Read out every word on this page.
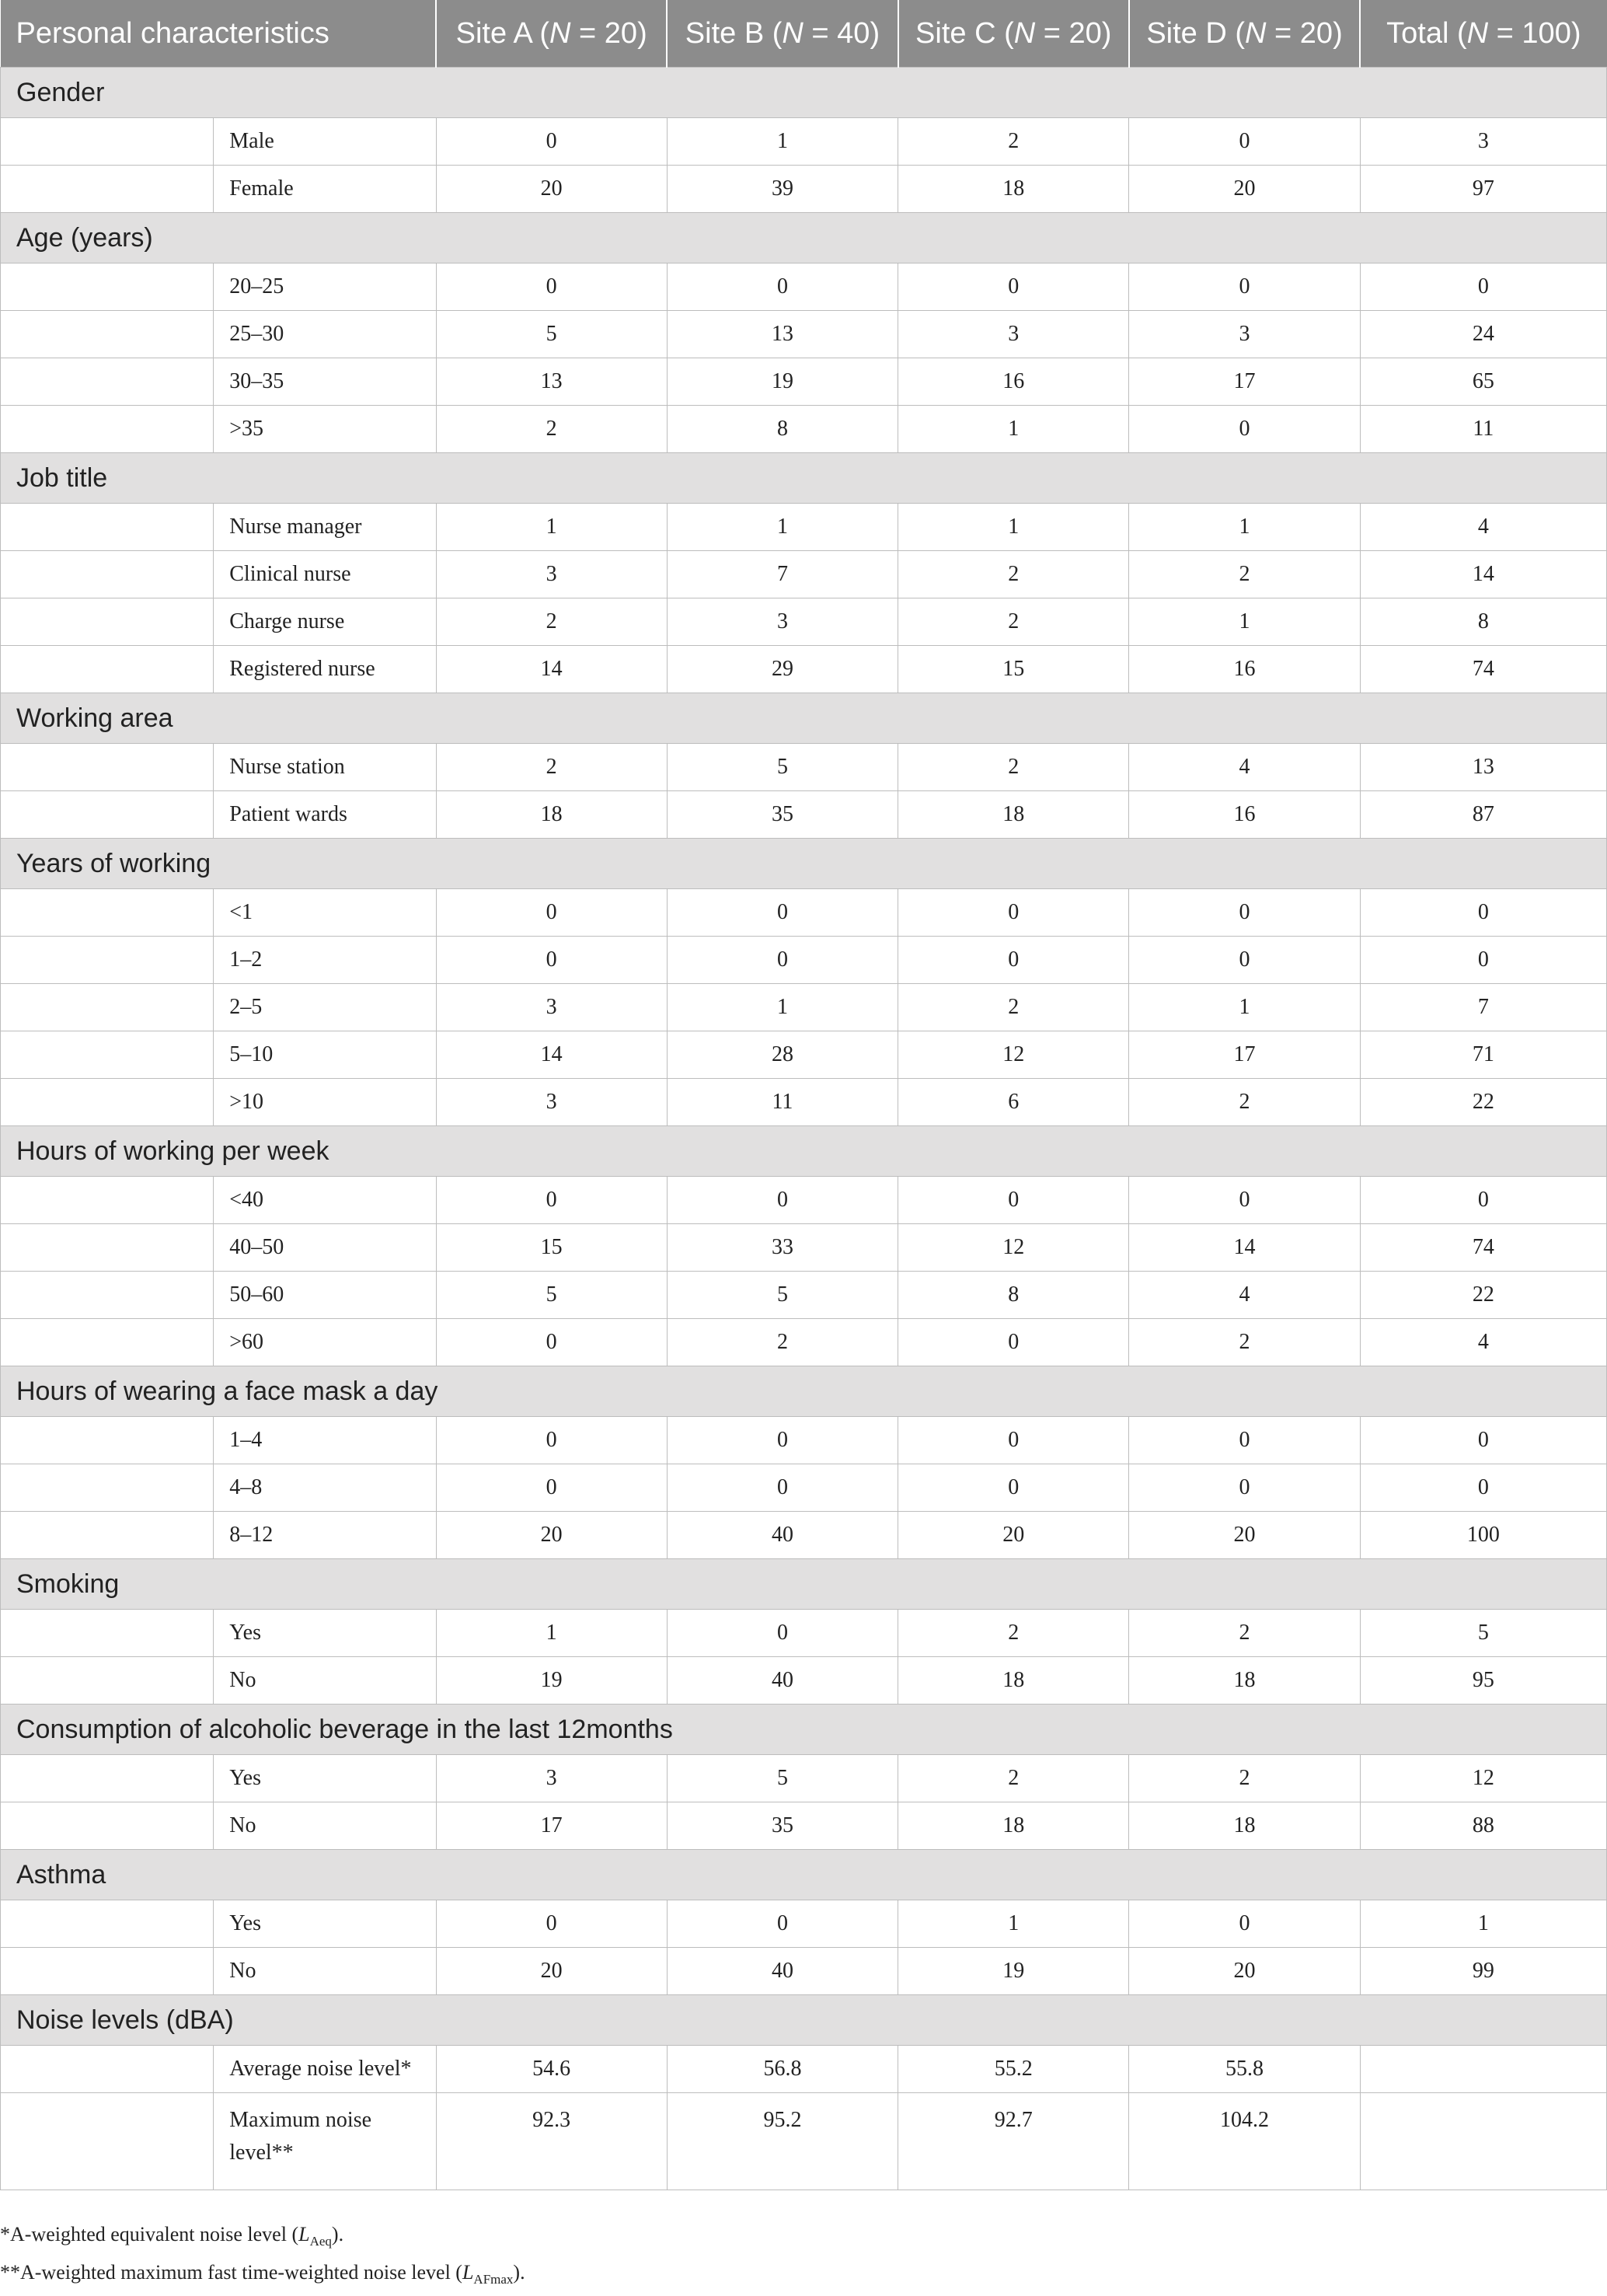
Personal characteristics		Site A (N = 20)	Site B (N = 40)	Site C (N = 20)	Site D (N = 20)	Total (N = 100)
Gender						
	Male	0	1	2	0	3
	Female	20	39	18	20	97
Age (years)						
	20–25	0	0	0	0	0
	25–30	5	13	3	3	24
	30–35	13	19	16	17	65
	>35	2	8	1	0	11
Job title						
	Nurse manager	1	1	1	1	4
	Clinical nurse	3	7	2	2	14
	Charge nurse	2	3	2	1	8
	Registered nurse	14	29	15	16	74
Working area						
	Nurse station	2	5	2	4	13
	Patient wards	18	35	18	16	87
Years of working						
	<1	0	0	0	0	0
	1–2	0	0	0	0	0
	2–5	3	1	2	1	7
	5–10	14	28	12	17	71
	>10	3	11	6	2	22
Hours of working per week						
	<40	0	0	0	0	0
	40–50	15	33	12	14	74
	50–60	5	5	8	4	22
	>60	0	2	0	2	4
Hours of wearing a face mask a day						
	1–4	0	0	0	0	0
	4–8	0	0	0	0	0
	8–12	20	40	20	20	100
Smoking						
	Yes	1	0	2	2	5
	No	19	40	18	18	95
Consumption of alcoholic beverage in the last 12months						
	Yes	3	5	2	2	12
	No	17	35	18	18	88
Asthma						
	Yes	0	0	1	0	1
	No	20	40	19	20	99
Noise levels (dBA)						
	Average noise level*	54.6	56.8	55.2	55.8	
	Maximum noise level**	92.3	95.2	92.7	104.2	
*A-weighted equivalent noise level $(L_{Aeq})$.
**A-weighted maximum fast time-weighted noise level $(L_{AFmax})$.
